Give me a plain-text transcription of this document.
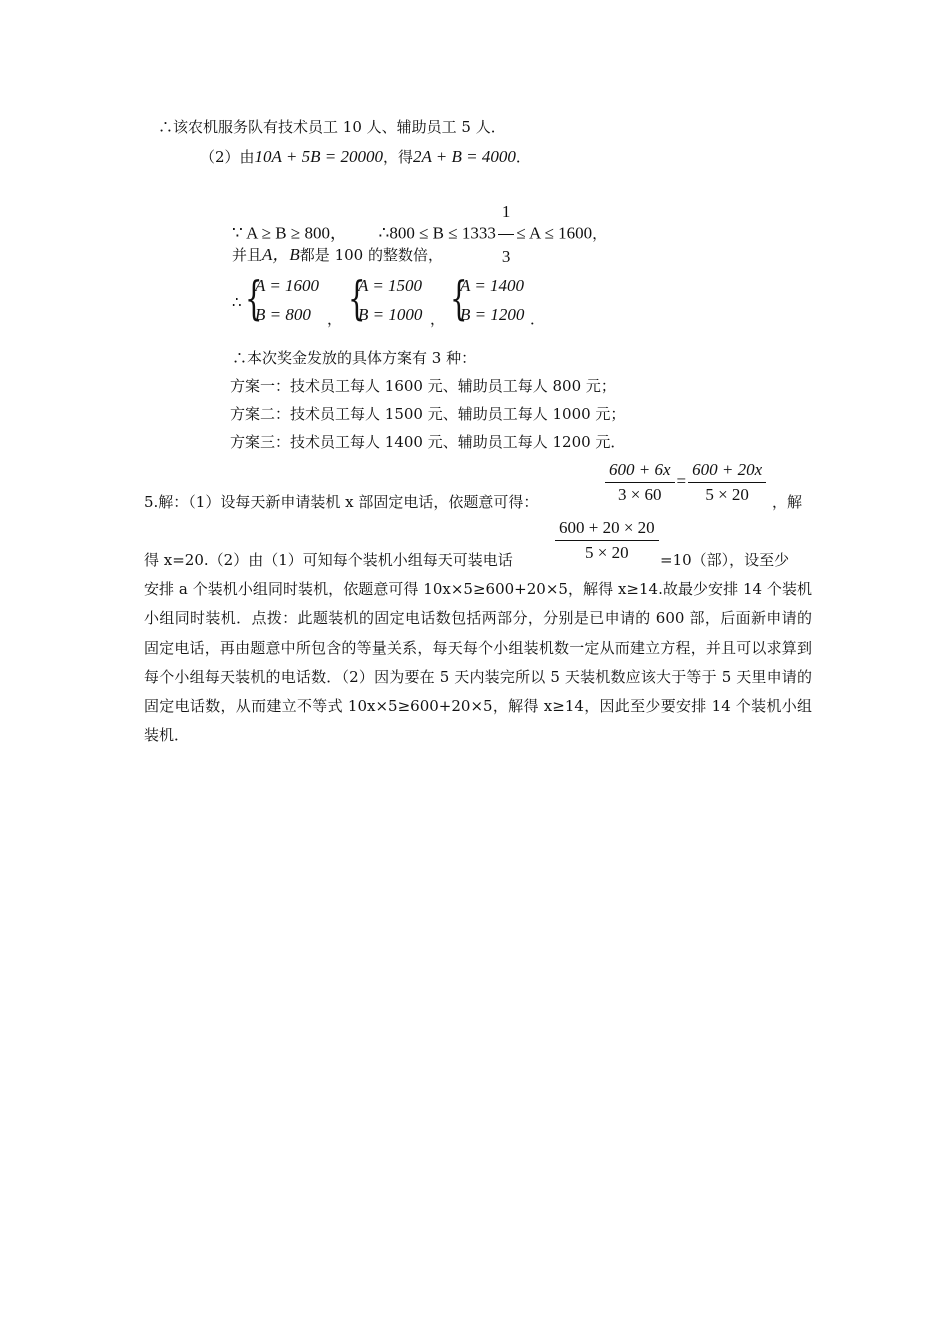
∴该农机服务队有技术员工 10 人、辅助员工 5 人．
（2）由10A + 5B = 20000，得2A + B = 4000．
∵ A ≥ B ≥ 800， ∴800 ≤ $B \le 1333 \frac{1}{3} \le A \le 1600$，
并且A，B都是 100 的整数倍，
∴ {
A = 1600
B = 800 ， {
A = 1500
B = 1000 ， {
A = 1400
B = 1200 ．
∴本次奖金发放的具体方案有 3 种：
方案一：技术员工每人 1600 元、辅助员工每人 800 元；
方案二：技术员工每人 1500 元、辅助员工每人 1000 元；
方案三：技术员工每人 1400 元、辅助员工每人 1200 元．
5.解：（1）设每天新申请装机 x 部固定电话，依题意可得：	$\frac{600 + 6x}{3 \times 60} = \frac{600 + 20x}{5 \times 20}$ ，解
得 x=20.（2）由（1）可知每个装机小组每天可装电话 $\frac{600 + 20 \times 20}{5 \times 20} =10$（部），设至少
安排 a 个装机小组同时装机，依题意可得 10x×5≥600+20×5，解得 x≥14.故最少安排 14 个装机小组同时装机．点拨：此题装机的固定电话数包括两部分，分别是已申请的 600 部，后面新申请的固定电话，再由题意中所包含的等量关系，每天每个小组装机数一定从而建立方程，并且可以求算到每个小组每天装机的电话数．（2）因为要在 5 天内装完所以 5 天装机数应该大于等于 5 天里申请的固定电话数，从而建立不等式 10x×5≥600+20×5，解得 x≥14，因此至少要安排 14 个装机小组装机．
